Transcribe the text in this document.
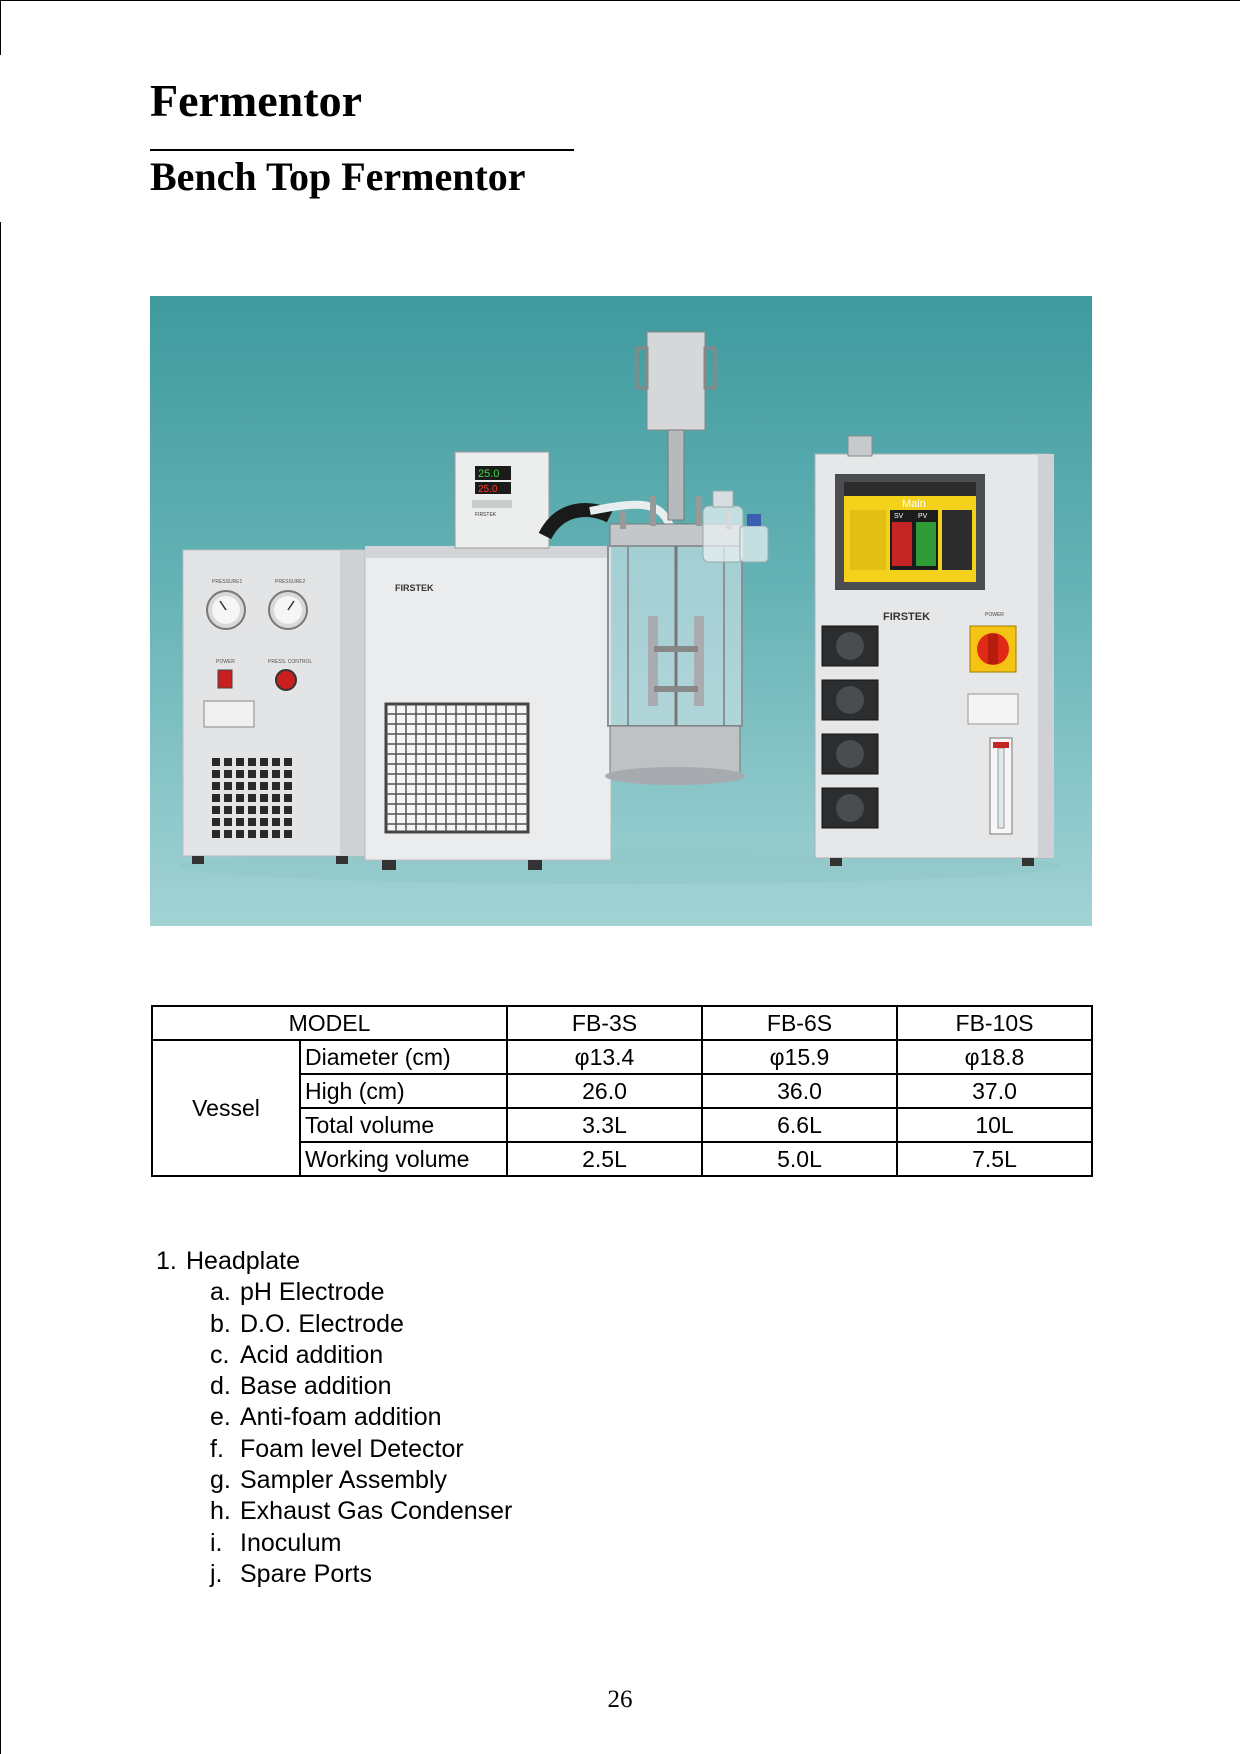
Fermentor
Bench Top Fermentor
PRESSURE1	PRESSURE2
POWER	PRESS. CONTROL
FIRSTEK
25.0
25.0
FIRSTEK
Main
SV PV
FIRSTEK	POWER
MODEL		FB-3S	FB-6S	FB-10S
Vessel	Diameter (cm)	φ13.4	φ15.9	φ18.8
	High (cm)	26.0	36.0	37.0
	Total volume	3.3L	6.6L	10L
	Working volume	2.5L	5.0L	7.5L
1. Headplate
a. pH Electrode
b. D.O. Electrode
c. Acid addition
d. Base addition
e. Anti-foam addition
f. Foam level Detector
g. Sampler Assembly
h. Exhaust Gas Condenser
i. Inoculum
j. Spare Ports
26
